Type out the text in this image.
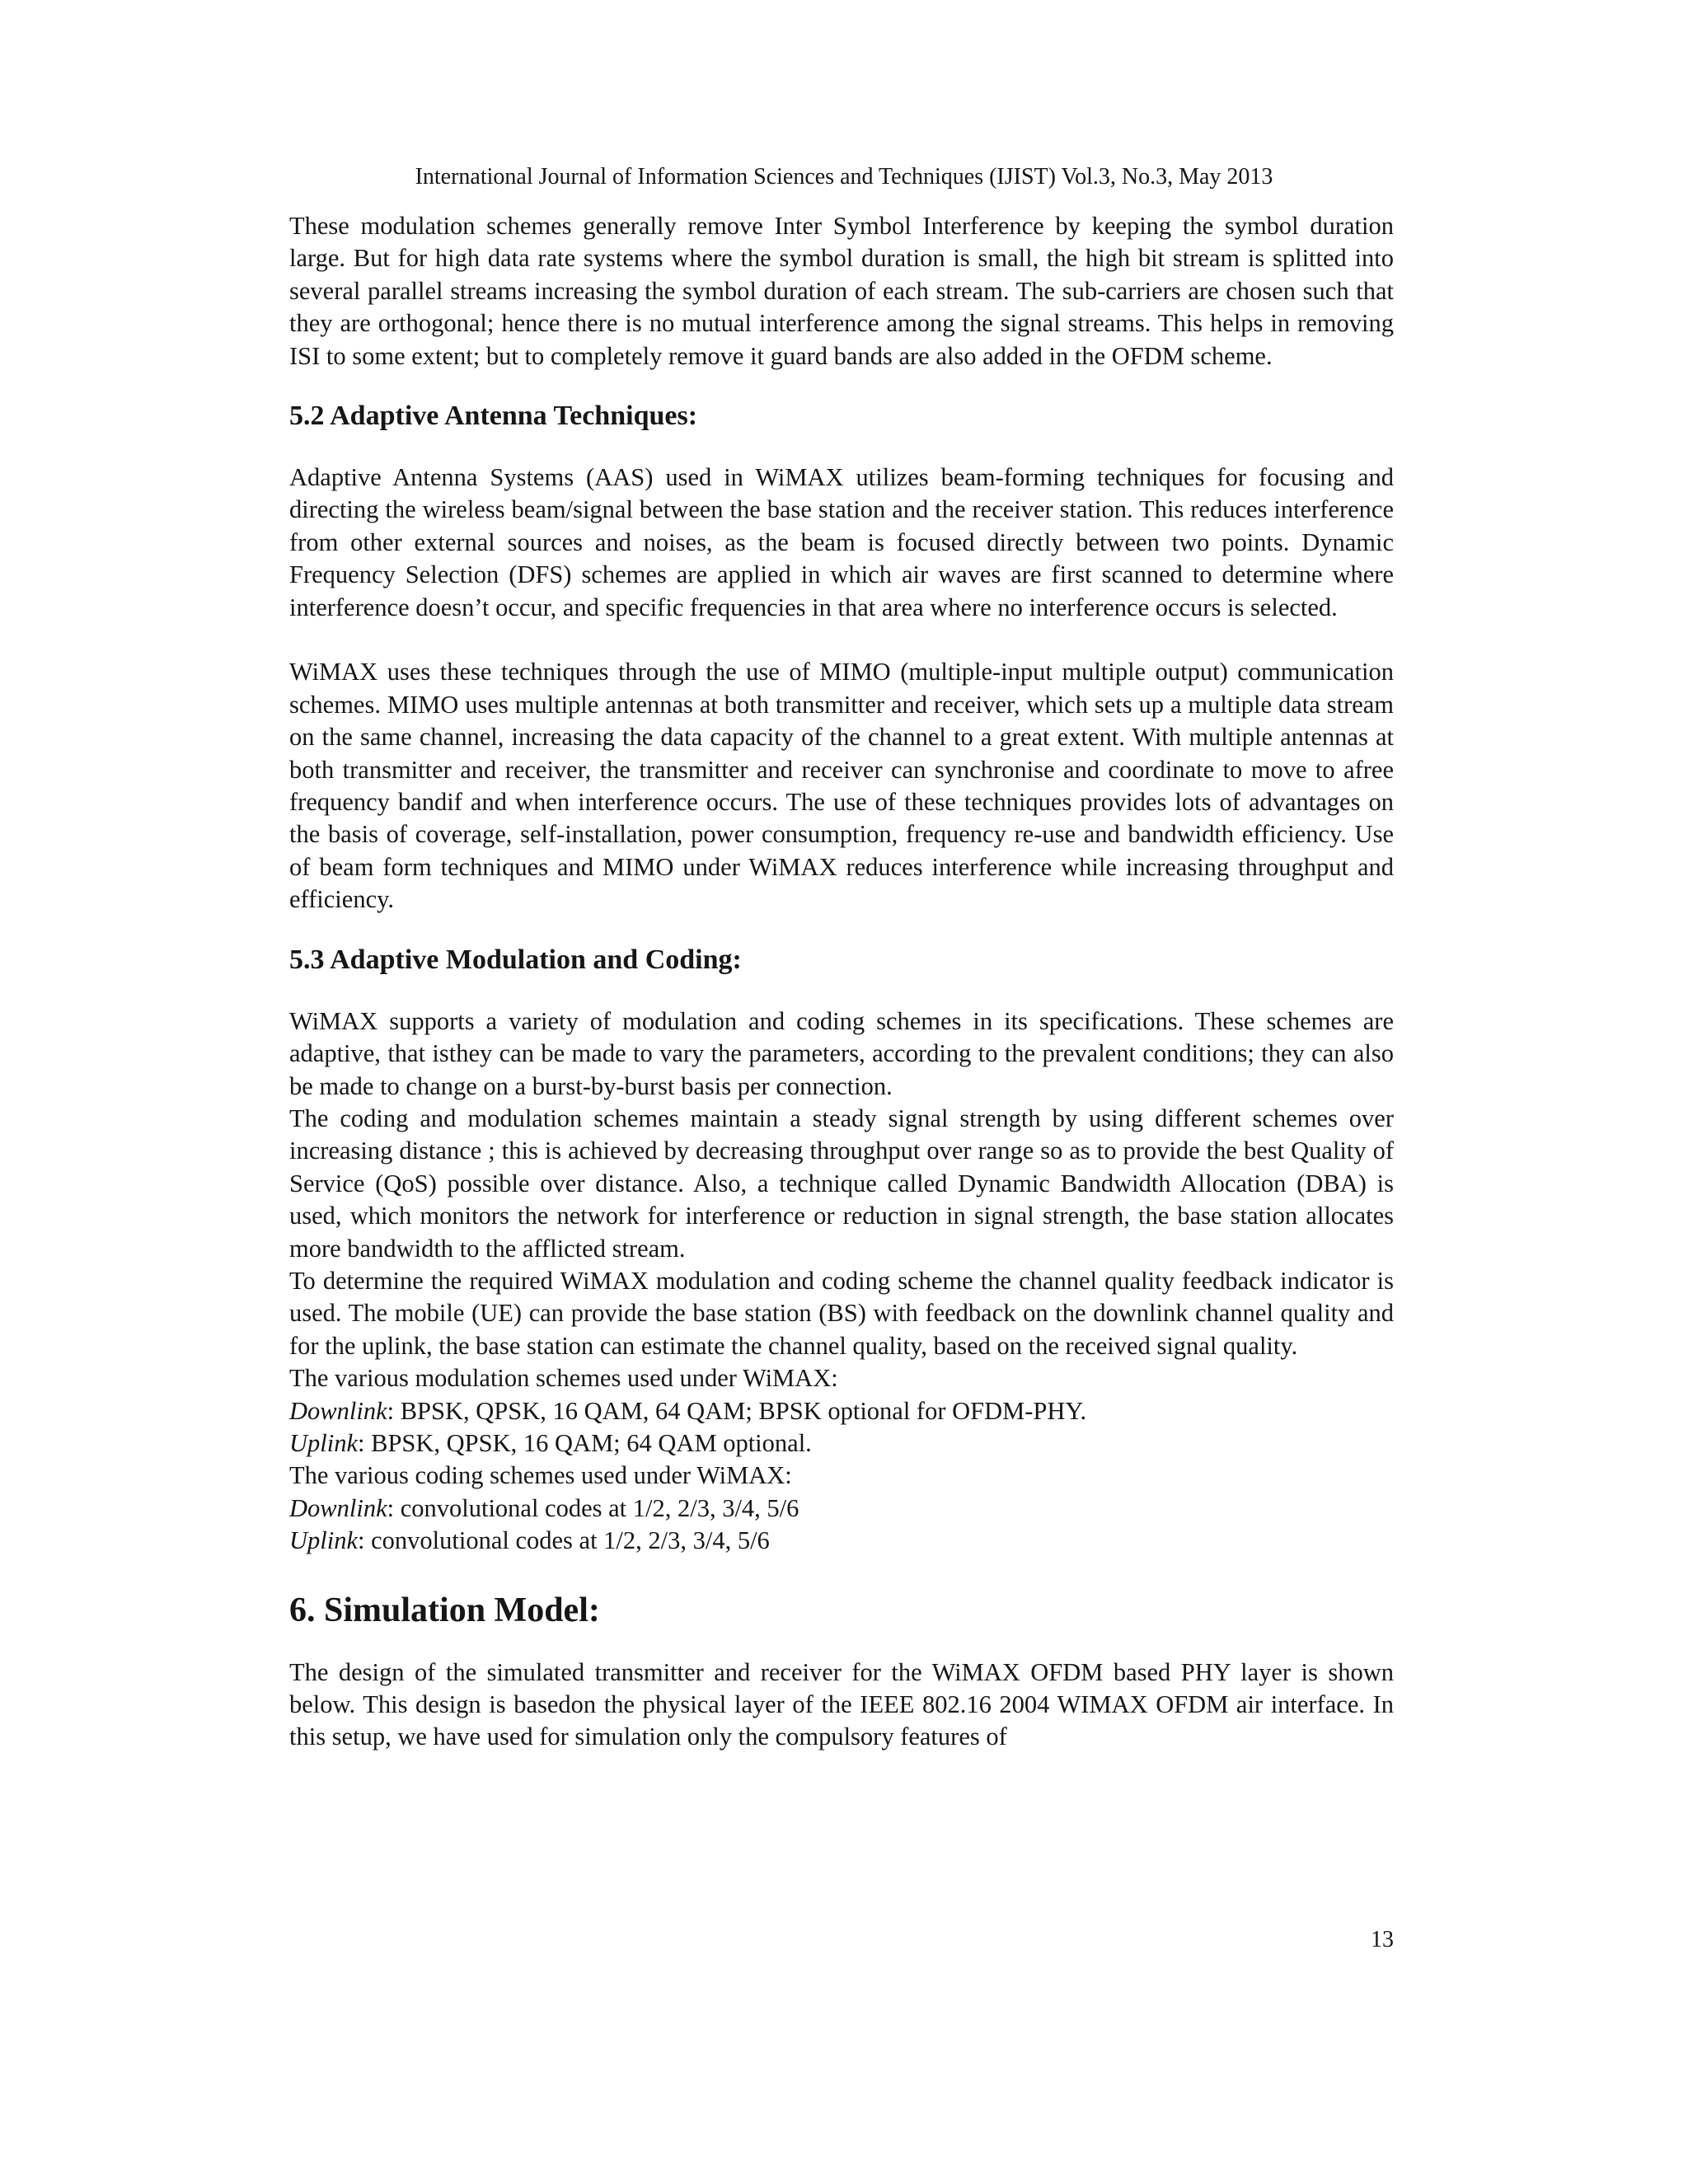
International Journal of Information Sciences and Techniques (IJIST) Vol.3, No.3, May 2013

These modulation schemes generally remove Inter Symbol Interference by keeping the symbol duration large. But for high data rate systems where the symbol duration is small, the high bit stream is splitted into several parallel streams increasing the symbol duration of each stream. The sub-carriers are chosen such that they are orthogonal; hence there is no mutual interference among the signal streams. This helps in removing ISI to some extent; but to completely remove it guard bands are also added in the OFDM scheme.

5.2 Adaptive Antenna Techniques:

Adaptive Antenna Systems (AAS) used in WiMAX utilizes beam-forming techniques for focusing and directing the wireless beam/signal between the base station and the receiver station. This reduces interference from other external sources and noises, as the beam is focused directly between two points. Dynamic Frequency Selection (DFS) schemes are applied in which air waves are first scanned to determine where interference doesn’t occur, and specific frequencies in that area where no interference occurs is selected.

WiMAX uses these techniques through the use of MIMO (multiple-input multiple output) communication schemes. MIMO uses multiple antennas at both transmitter and receiver, which sets up a multiple data stream on the same channel, increasing the data capacity of the channel to a great extent. With multiple antennas at both transmitter and receiver, the transmitter and receiver can synchronise and coordinate to move to afree frequency bandif and when interference occurs. The use of these techniques provides lots of advantages on the basis of coverage, self-installation, power consumption, frequency re-use and bandwidth efficiency. Use of beam form techniques and MIMO under WiMAX reduces interference while increasing throughput and efficiency.

5.3 Adaptive Modulation and Coding:

WiMAX supports a variety of modulation and coding schemes in its specifications. These schemes are adaptive, that isthey can be made to vary the parameters, according to the prevalent conditions; they can also be made to change on a burst-by-burst basis per connection.

The coding and modulation schemes maintain a steady signal strength by using different schemes over increasing distance ; this is achieved by decreasing throughput over range so as to provide the best Quality of Service (QoS) possible over distance. Also, a technique called Dynamic Bandwidth Allocation (DBA) is used, which monitors the network for interference or reduction in signal strength, the base station allocates more bandwidth to the afflicted stream.

To determine the required WiMAX modulation and coding scheme the channel quality feedback indicator is used. The mobile (UE) can provide the base station (BS) with feedback on the downlink channel quality and for the uplink, the base station can estimate the channel quality, based on the received signal quality.

The various modulation schemes used under WiMAX:

Downlink: BPSK, QPSK, 16 QAM, 64 QAM; BPSK optional for OFDM-PHY.

Uplink: BPSK, QPSK, 16 QAM; 64 QAM optional.

The various coding schemes used under WiMAX:

Downlink: convolutional codes at 1/2, 2/3, 3/4, 5/6

Uplink: convolutional codes at 1/2, 2/3, 3/4, 5/6

6. Simulation Model:

The design of the simulated transmitter and receiver for the WiMAX OFDM based PHY layer is shown below. This design is basedon the physical layer of the IEEE 802.16 2004 WIMAX OFDM air interface. In this setup, we have used for simulation only the compulsory features of

13
